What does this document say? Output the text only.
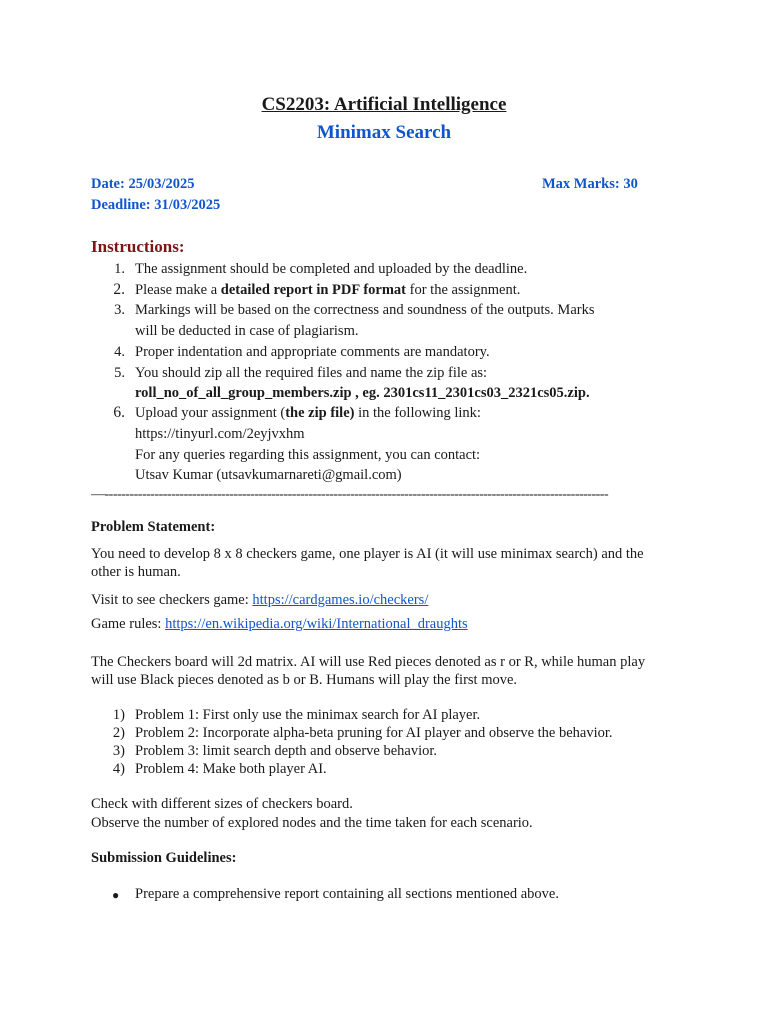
CS2203: Artificial Intelligence
Minimax Search
Date: 25/03/2025
Deadline: 31/03/2025
Max Marks: 30
Instructions:
1. The assignment should be completed and uploaded by the deadline.
2. Please make a detailed report in PDF format for the assignment.
3. Markings will be based on the correctness and soundness of the outputs. Marks
will be deducted in case of plagiarism.
4. Proper indentation and appropriate comments are mandatory.
5. You should zip all the required files and name the zip file as:
roll_no_of_all_group_members.zip , eg. 2301cs11_2301cs03_2321cs05.zip.
6. Upload your assignment (the zip file) in the following link:
https://tinyurl.com/2eyjvxhm
For any queries regarding this assignment, you can contact:
Utsav Kumar (utsavkumarnareti@gmail.com)
—-------------------------------------------------------------------------------------------------------------------------
Problem Statement:
You need to develop 8 x 8 checkers game, one player is AI (it will use minimax search) and the
other is human.
Visit to see checkers game: https://cardgames.io/checkers/
Game rules: https://en.wikipedia.org/wiki/International_draughts
The Checkers board will 2d matrix. AI will use Red pieces denoted as r or R, while human play
will use Black pieces denoted as b or B. Humans will play the first move.
1) Problem 1: First only use the minimax search for AI player.
2) Problem 2: Incorporate alpha-beta pruning for AI player and observe the behavior.
3) Problem 3: limit search depth and observe behavior.
4) Problem 4: Make both player AI.
Check with different sizes of checkers board.
Observe the number of explored nodes and the time taken for each scenario.
Submission Guidelines:
● Prepare a comprehensive report containing all sections mentioned above.
